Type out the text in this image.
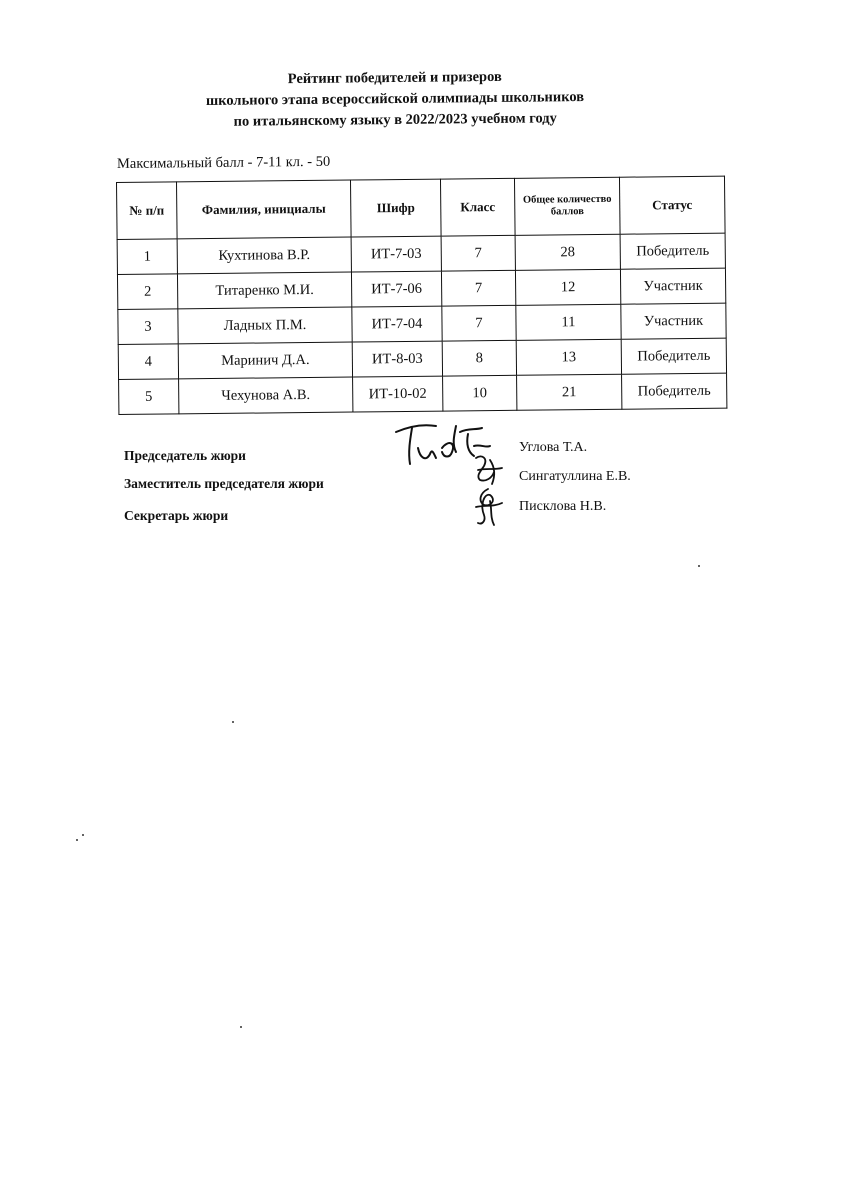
Рейтинг победителей и призеров
школьного этапа всероссийской олимпиады школьников
по итальянскому языку в 2022/2023 учебном году
Максимальный балл - 7-11 кл. - 50
№ п/п	Фамилия, инициалы	Шифр	Класс	Общее количество баллов	Статус
1	Кухтинова В.Р.	ИТ-7-03	7	28	Победитель
2	Титаренко М.И.	ИТ-7-06	7	12	Участник
3	Ладных П.М.	ИТ-7-04	7	11	Участник
4	Маринич Д.А.	ИТ-8-03	8	13	Победитель
5	Чехунова А.В.	ИТ-10-02	10	21	Победитель
Председатель жюри
Заместитель председателя жюри
Секретарь жюри
Углова Т.А.
Сингатуллина Е.В.
Писклова Н.В.
